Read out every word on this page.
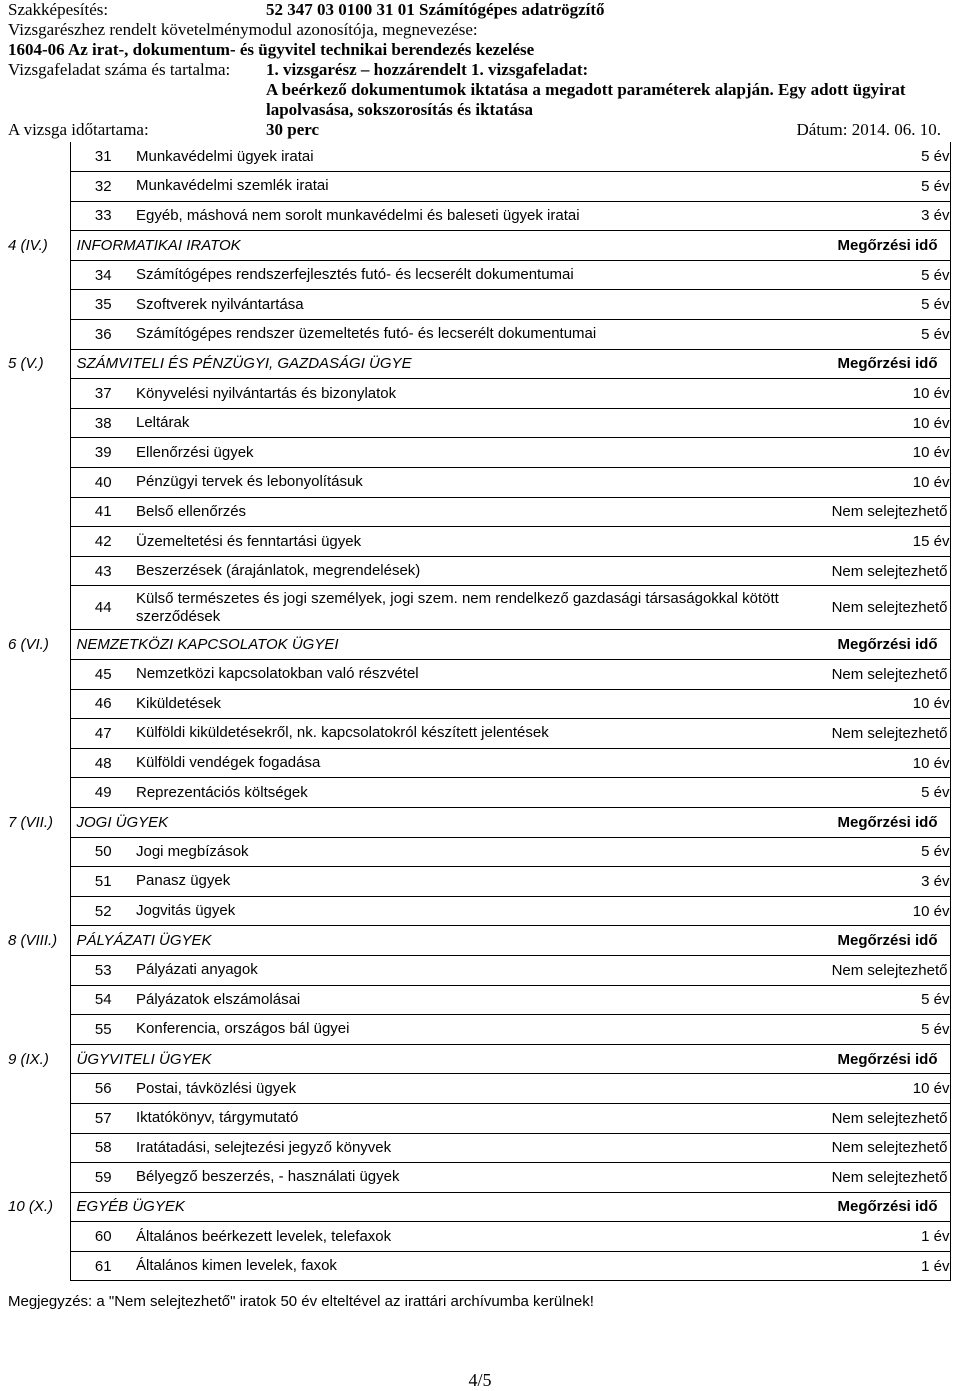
Szakképesítés:	52 347 03 0100 31 01 Számítógépes adatrögzítő
Vizsgarészhez rendelt követelménymodul azonosítója, megnevezése:
1604-06 Az irat-, dokumentum- és ügyvitel technikai berendezés kezelése
Vizsgafeladat száma és tartalma: 1. vizsgarész – hozzárendelt 1. vizsgafeladat:
A beérkező dokumentumok iktatása a megadott paraméterek alapján. Egy adott ügyirat
lapolvasása, sokszorosítás és iktatása
A vizsga időtartama:	30 perc	Dátum: 2014. 06. 10.
	31	Munkavédelmi ügyek iratai	5 év
	32	Munkavédelmi szemlék iratai	5 év
	33	Egyéb, máshová nem sorolt munkavédelmi és baleseti ügyek iratai	3 év
4 (IV.)	INFORMATIKAI IRATOK		Megőrzési idő
	34	Számítógépes rendszerfejlesztés futó- és lecserélt dokumentumai	5 év
	35	Szoftverek nyilvántartása	5 év
	36	Számítógépes rendszer üzemeltetés futó- és lecserélt dokumentumai	5 év
5 (V.)	SZÁMVITELI ÉS PÉNZÜGYI, GAZDASÁGI ÜGYE		Megőrzési idő
	37	Könyvelési nyilvántartás és bizonylatok	10 év
	38	Leltárak	10 év
	39	Ellenőrzési ügyek	10 év
	40	Pénzügyi tervek és lebonyolításuk	10 év
	41	Belső ellenőrzés	Nem selejtezhető
	42	Üzemeltetési és fenntartási ügyek	15 év
	43	Beszerzések (árajánlatok, megrendelések)	Nem selejtezhető
	44	Külső természetes és jogi személyek, jogi szem. nem rendelkező gazdasági társaságokkal kötött szerződések	Nem selejtezhető
6 (VI.)	NEMZETKÖZI KAPCSOLATOK ÜGYEI		Megőrzési idő
	45	Nemzetközi kapcsolatokban való részvétel	Nem selejtezhető
	46	Kiküldetések	10 év
	47	Külföldi kiküldetésekről, nk. kapcsolatokról készített jelentések	Nem selejtezhető
	48	Külföldi vendégek fogadása	10 év
	49	Reprezentációs költségek	5 év
7 (VII.)	JOGI ÜGYEK		Megőrzési idő
	50	Jogi megbízások	5 év
	51	Panasz ügyek	3 év
	52	Jogvitás ügyek	10 év
8 (VIII.)	PÁLYÁZATI ÜGYEK		Megőrzési idő
	53	Pályázati anyagok	Nem selejtezhető
	54	Pályázatok elszámolásai	5 év
	55	Konferencia, országos bál ügyei	5 év
9 (IX.)	ÜGYVITELI ÜGYEK		Megőrzési idő
	56	Postai, távközlési ügyek	10 év
	57	Iktatókönyv, tárgymutató	Nem selejtezhető
	58	Iratátadási, selejtezési jegyző könyvek	Nem selejtezhető
	59	Bélyegző beszerzés, - használati ügyek	Nem selejtezhető
10 (X.)	EGYÉB ÜGYEK		Megőrzési idő
	60	Általános beérkezett levelek, telefaxok	1 év
	61	Általános kimen levelek, faxok	1 év
Megjegyzés: a "Nem selejtezhető" iratok 50 év elteltével az irattári archívumba kerülnek!
4/5
